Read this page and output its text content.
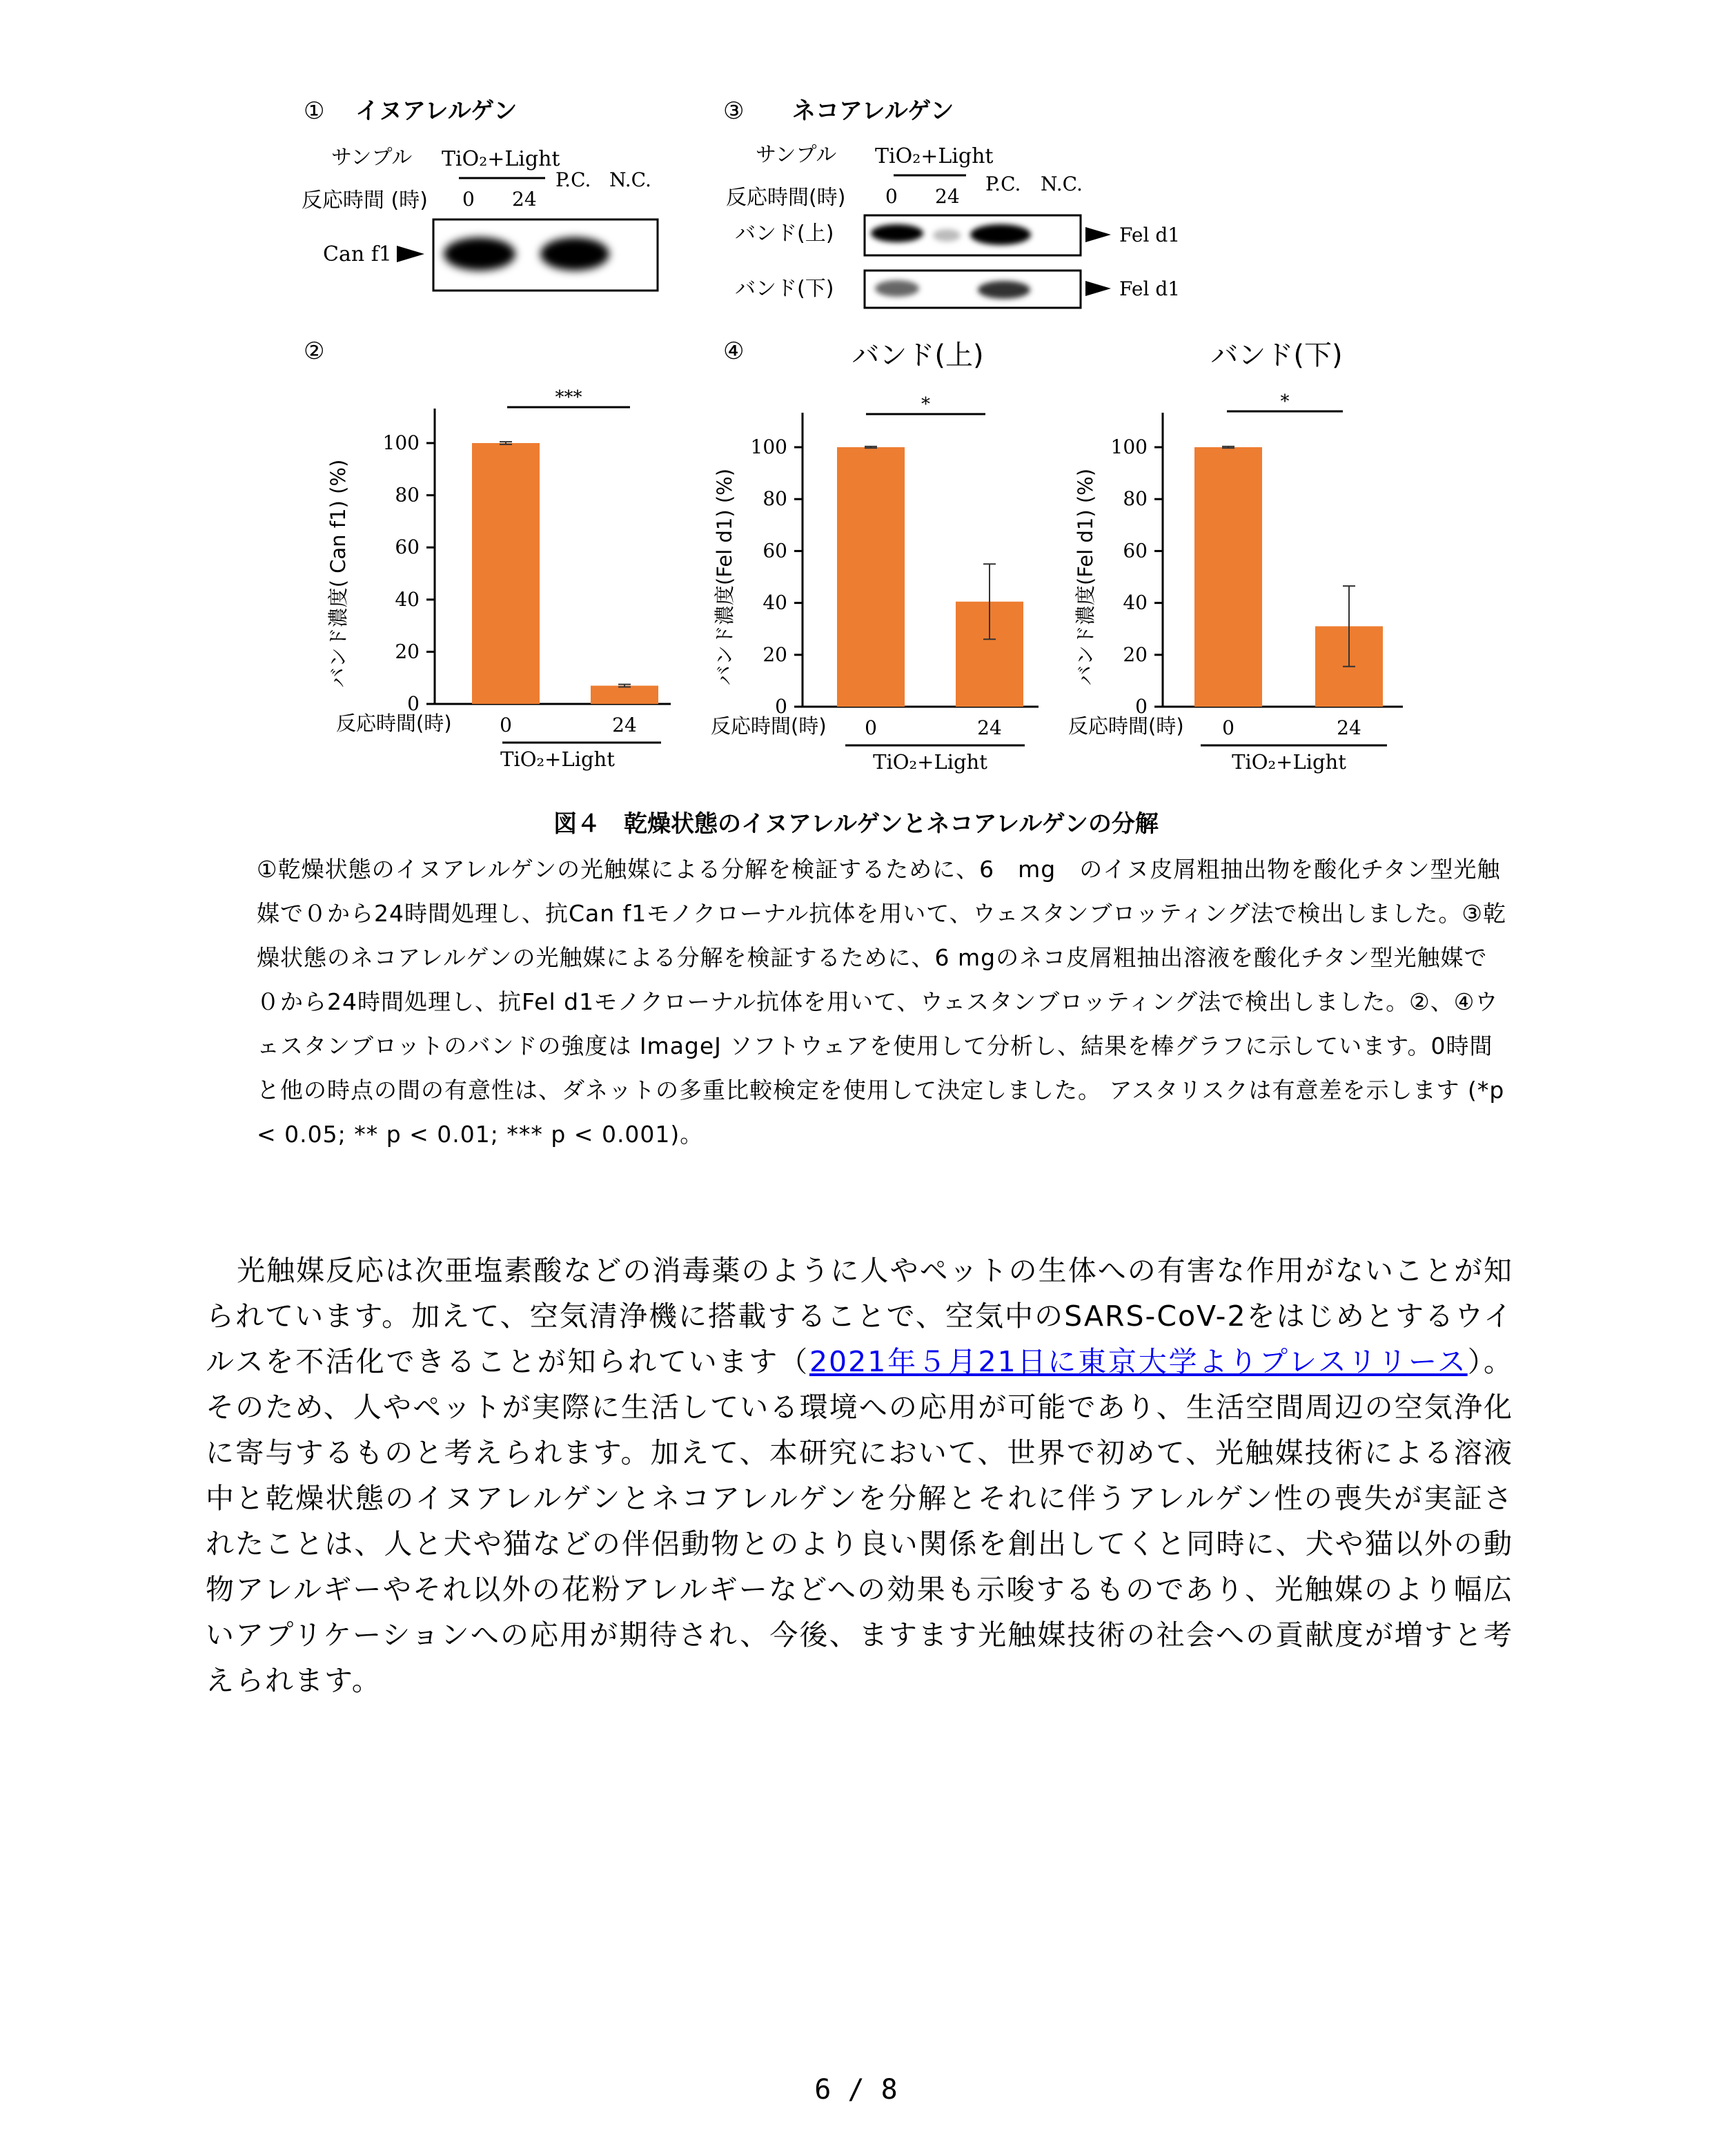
① イヌアレルゲン
サンプル TiO₂+Light
反応時間 (時) 0 24
P.C. N.C.
Can f1
③ ネコアレルゲン
サンプル TiO₂+Light
反応時間(時) 0 24
P.C. N.C.
バンド(上)
バンド(下)
Fel d1
Fel d1
②	④
0
20
40
60
80
100
0	24
***
バンド濃度( Can f1) (%)
反応時間(時)
TiO₂+Light
0
20
40
60
80
100
0	24
*
バンド濃度(Fel d1) (%)
反応時間(時)
TiO₂+Light
バンド(上)
0
20
40
60
80
100
0	24
*
バンド濃度(Fel d1) (%)
反応時間(時)
TiO₂+Light
バンド(下)
図４　乾燥状態のイヌアレルゲンとネコアレルゲンの分解

①乾燥状態のイヌアレルゲンの光触媒による分解を検証するために、6　mg　のイヌ皮屑粗抽出物を酸化チタン型光触媒で０から24時間処理し、抗Can f1モノクローナル抗体を用いて、ウェスタンブロッティング法で検出しました。③乾燥状態のネコアレルゲンの光触媒による分解を検証するために、6 mgのネコ皮屑粗抽出溶液を酸化チタン型光触媒で０から24時間処理し、抗Fel d1モノクローナル抗体を用いて、ウェスタンブロッティング法で検出しました。②、④ウェスタンブロットのバンドの強度は ImageJ ソフトウェアを使用して分析し、結果を棒グラフに示しています。0時間と他の時点の間の有意性は、ダネットの多重比較検定を使用して決定しました。 アスタリスクは有意差を示します (*p < 0.05; ** p < 0.01; *** p < 0.001)。

光触媒反応は次亜塩素酸などの消毒薬のように人やペットの生体への有害な作用がないことが知られています。加えて、空気清浄機に搭載することで、空気中のSARS-CoV-2をはじめとするウイルスを不活化できることが知られています（2021年５月21日に東京大学よりプレスリリース）。そのため、人やペットが実際に生活している環境への応用が可能であり、生活空間周辺の空気浄化に寄与するものと考えられます。加えて、本研究において、世界で初めて、光触媒技術による溶液中と乾燥状態のイヌアレルゲンとネコアレルゲンを分解とそれに伴うアレルゲン性の喪失が実証されたことは、人と犬や猫などの伴侶動物とのより良い関係を創出してくと同時に、犬や猫以外の動物アレルギーやそれ以外の花粉アレルギーなどへの効果も示唆するものであり、光触媒のより幅広いアプリケーションへの応用が期待され、今後、ますます光触媒技術の社会への貢献度が増すと考えられます。

6 / 8
